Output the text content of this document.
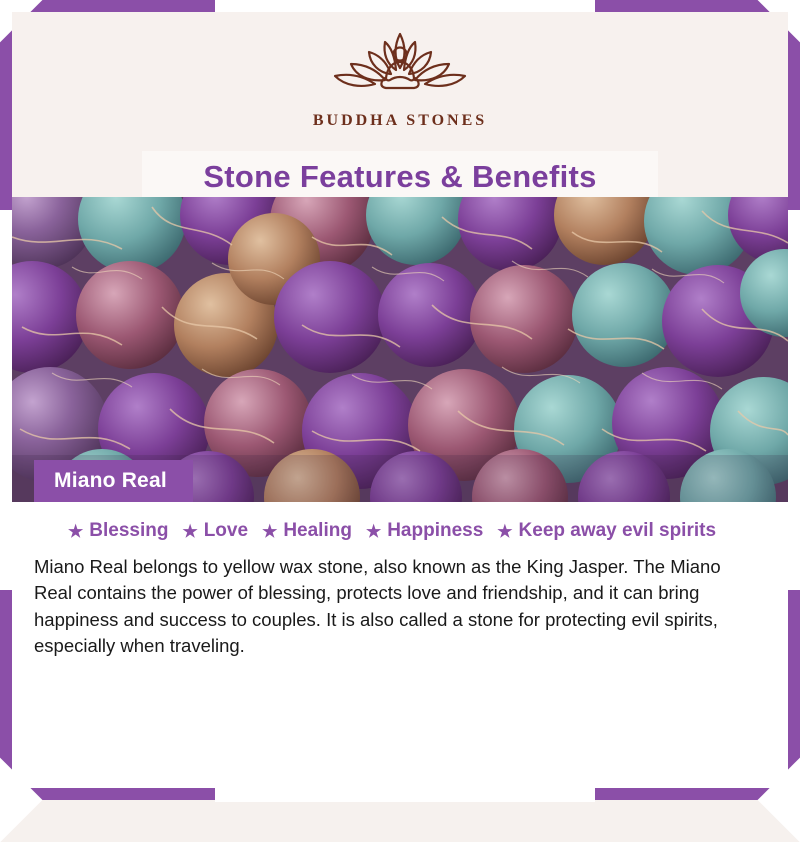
BUDDHA STONES
Stone Features & Benefits
Miano Real
★ Blessing ★ Love ★ Healing ★ Happiness ★ Keep away evil spirits

Miano Real belongs to yellow wax stone, also known as the King Jasper. The Miano Real contains the power of blessing, protects love and friendship, and it can bring happiness and success to couples. It is also called a stone for protecting evil spirits, especially when traveling.
